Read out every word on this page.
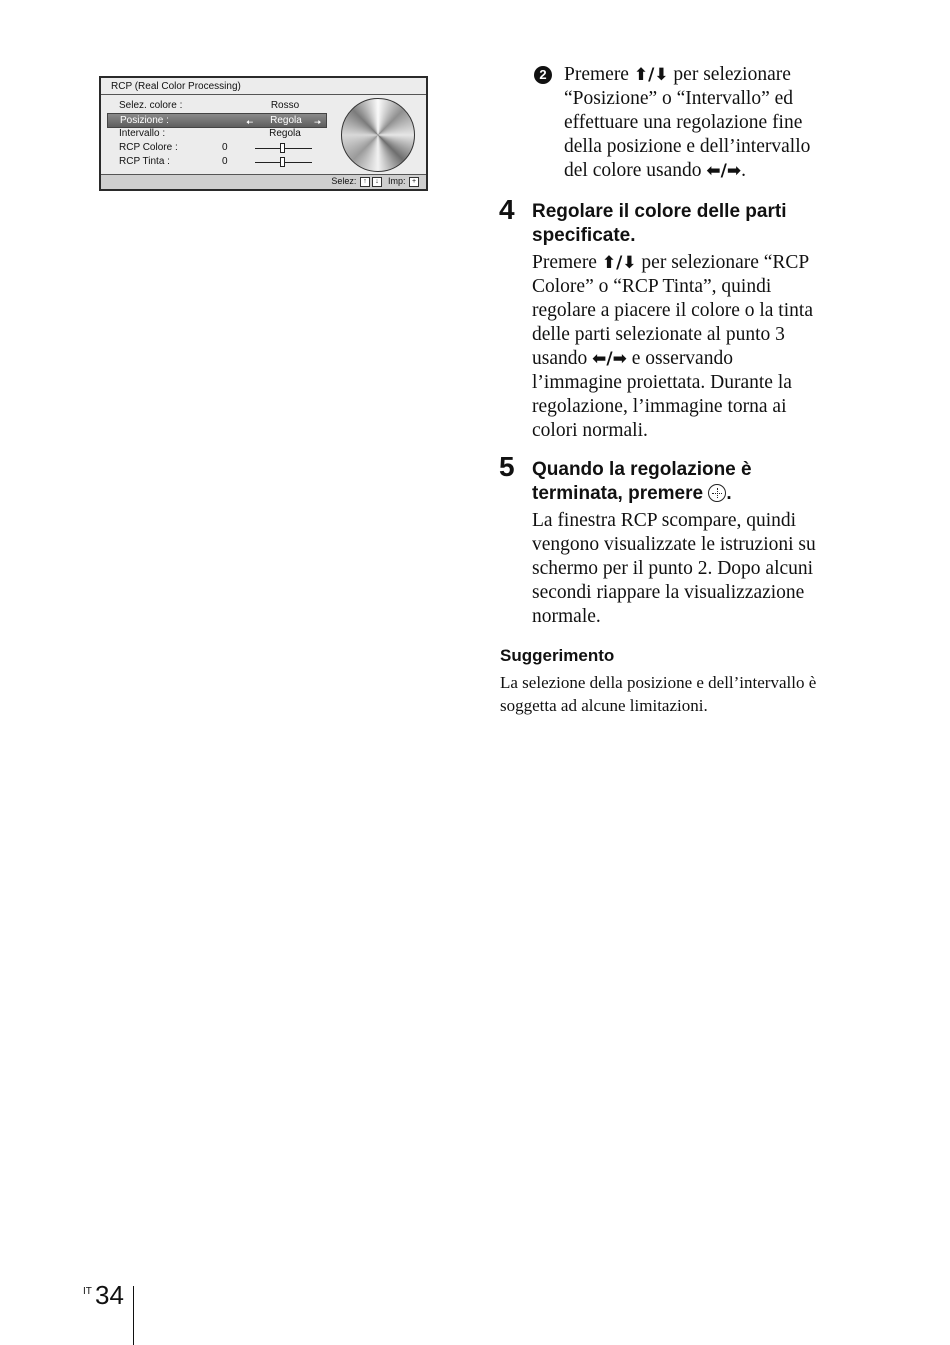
RCP (Real Color Processing)
Selez. colore :	Rosso
Posizione :	🠤	Regola	🠦
Intervallo :	Regola
RCP Colore :	0
RCP Tinta :	0
Selez: ↑ ↓ Imp: +
2 Premere ⬆/⬇ per selezionare
“Posizione” o “Intervallo” ed
effettuare una regolazione fine
della posizione e dell’intervallo
del colore usando ⬅/➡.
4 Regolare il colore delle parti
specificate.
Premere ⬆/⬇ per selezionare “RCP
Colore” o “RCP Tinta”, quindi
regolare a piacere il colore o la tinta
delle parti selezionate al punto 3
usando ⬅/➡ e osservando
l’immagine proiettata. Durante la
regolazione, l’immagine torna ai
colori normali.
5 Quando la regolazione è
terminata, premere .
La finestra RCP scompare, quindi
vengono visualizzate le istruzioni su
schermo per il punto 2. Dopo alcuni
secondi riappare la visualizzazione
normale.
Suggerimento
La selezione della posizione e dell’intervallo è
soggetta ad alcune limitazioni.
IT 34
